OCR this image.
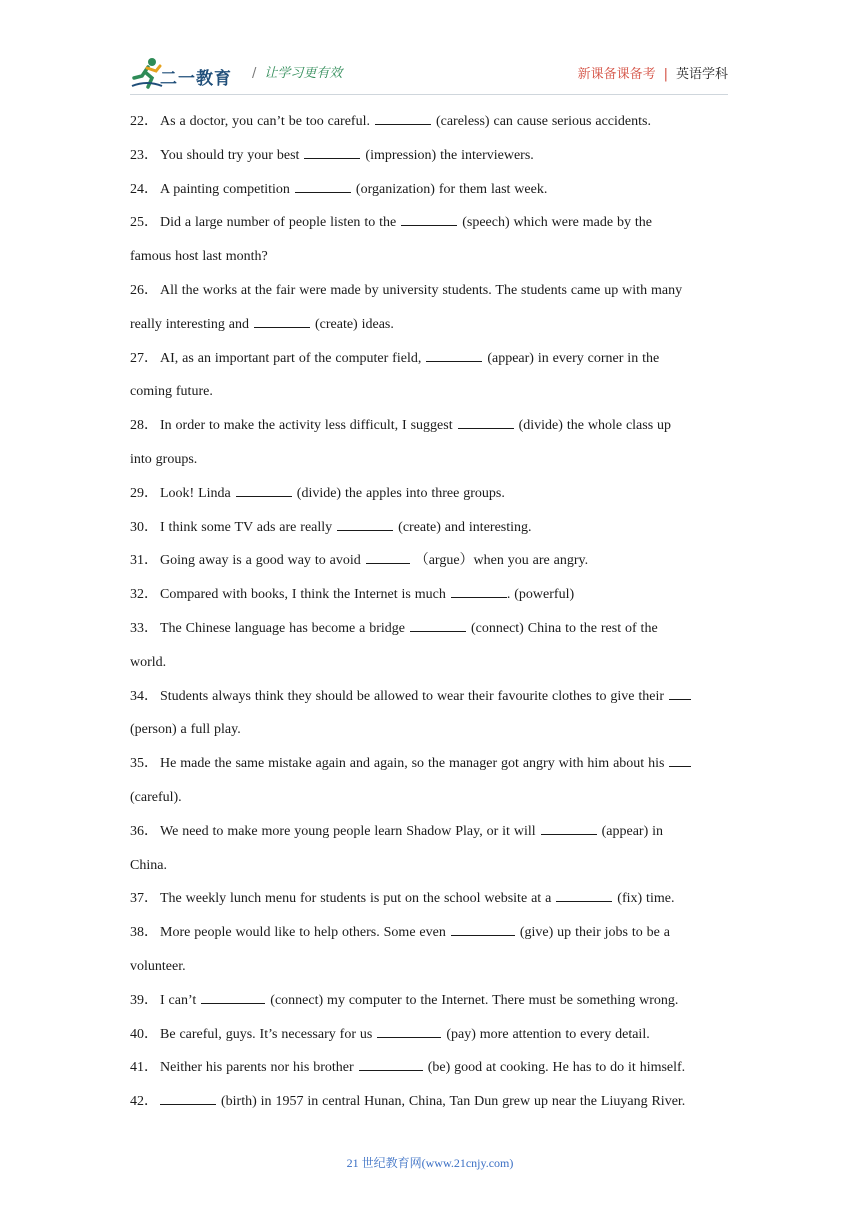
二一教育 / 让学习更有效	新课备课备考 | 英语学科

22． As a doctor, you can’t be too careful.	(careless) can cause serious accidents.

23． You should try your best	(impression) the interviewers.

24． A painting competition	(organization) for them last week.

25． Did a large number of people listen to the	(speech) which were made by the
famous host last month?

26． All the works at the fair were made by university students. The students came up with many
really interesting and	(create) ideas.

27． AI, as an important part of the computer field,	(appear) in every corner in the
coming future.

28． In order to make the activity less difficult, I suggest	(divide) the whole class up
into groups.

29． Look! Linda	(divide) the apples into three groups.

30． I think some TV ads are really	(create) and interesting.

31． Going away is a good way to avoid	（argue）when you are angry.

32． Compared with books, I think the Internet is much	. (powerful)

33． The Chinese language has become a bridge	(connect) China to the rest of the
world.

34． Students always think they should be allowed to wear their favourite clothes to give their
(person) a full play.

35． He made the same mistake again and again, so the manager got angry with him about his
(careful).

36． We need to make more young people learn Shadow Play, or it will	(appear) in
China.

37． The weekly lunch menu for students is put on the school website at a	(fix) time.

38． More people would like to help others. Some even	(give) up their jobs to be a
volunteer.

39． I can’t	(connect) my computer to the Internet. There must be something wrong.

40． Be careful, guys. It’s necessary for us	(pay) more attention to every detail.

41． Neither his parents nor his brother	(be) good at cooking. He has to do it himself.

42．	(birth) in 1957 in central Hunan, China, Tan Dun grew up near the Liuyang River.

21 世纪教育网(www.21cnjy.com)
